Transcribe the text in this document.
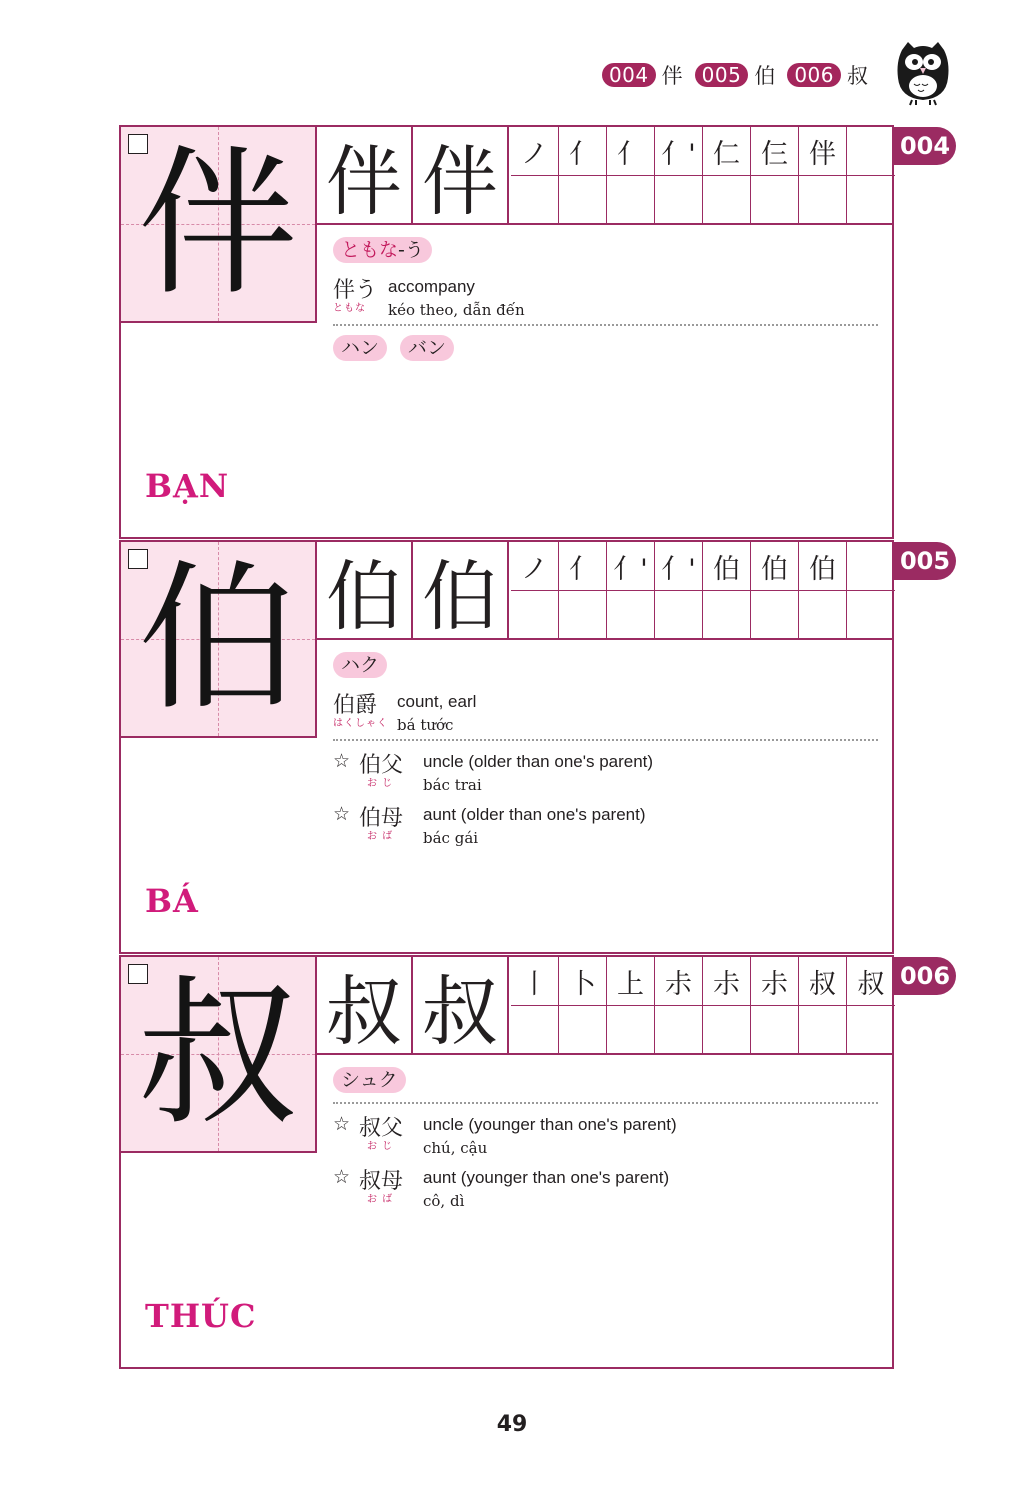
004 伴 005 伯 006 叔
伴 伴 伴 ノ 亻 亻 亻' 仁 仨 伴	004
ともな-う
伴う
ともな
accompany
kéo theo, dẫn đến
ハン	バン
BẠN
伯 伯 伯 ノ 亻 亻' 亻' 伯 伯 伯	005
ハク
伯爵
はくしゃく
count, earl
bá tước
☆ 伯父
お じ
uncle (older than one's parent)
bác trai
☆ 伯母
お ば
aunt (older than one's parent)
bác gái
BÁ
叔 叔 叔 丨 卜 上 尗 尗 尗 叔 叔 006
シュク
☆ 叔父
お じ
uncle (younger than one's parent)
chú, cậu
☆ 叔母
お ば
aunt (younger than one's parent)
cô, dì
THÚC
49
